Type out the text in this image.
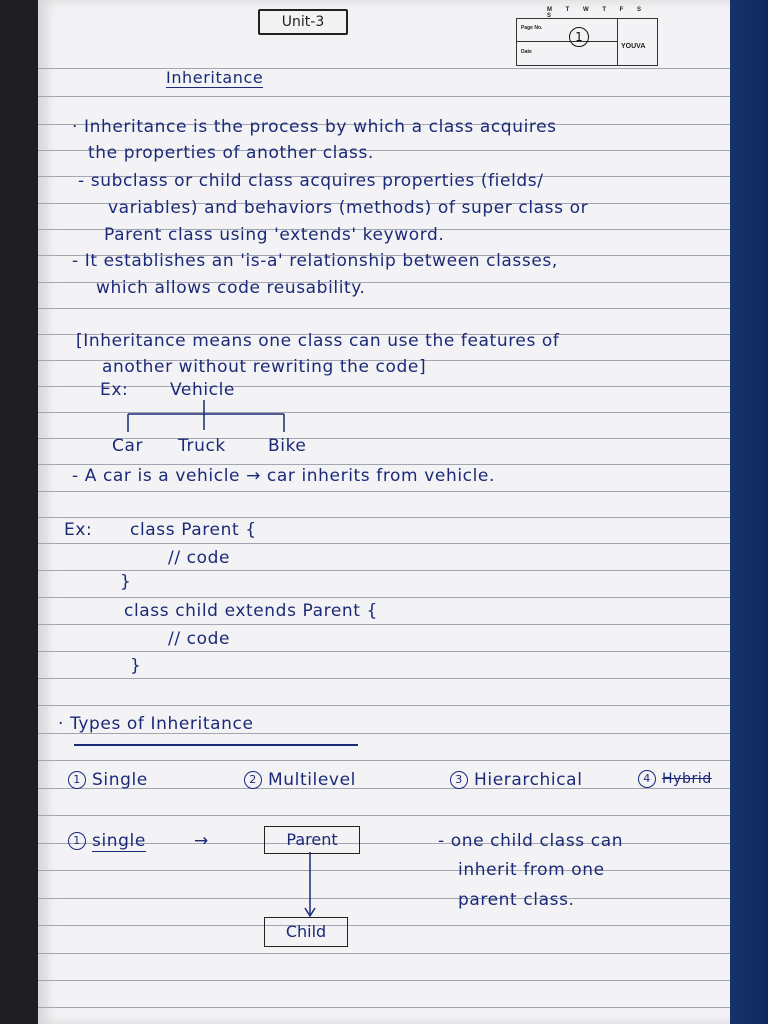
Unit-3
M T W T F S S
Page No.
1
Date
YOUVA
Inheritance
· Inheritance is the process by which a class acquires
the properties of another class.
- subclass or child class acquires properties (fields/
variables) and behaviors (methods) of super class or
Parent class using 'extends' keyword.
- It establishes an 'is-a' relationship between classes,
which allows code reusability.
[Inheritance means one class can use the features of
another without rewriting the code]
Ex: Vehicle
Car Truck Bike
- A car is a vehicle → car inherits from vehicle.
Ex: class Parent {
// code
}
class child extends Parent {
// code
}
· Types of Inheritance
1 Single	2 Multilevel	3 Hierarchical	4 Hybrid
1 single	→	Parent
Child
- one child class can
inherit from one
parent class.
